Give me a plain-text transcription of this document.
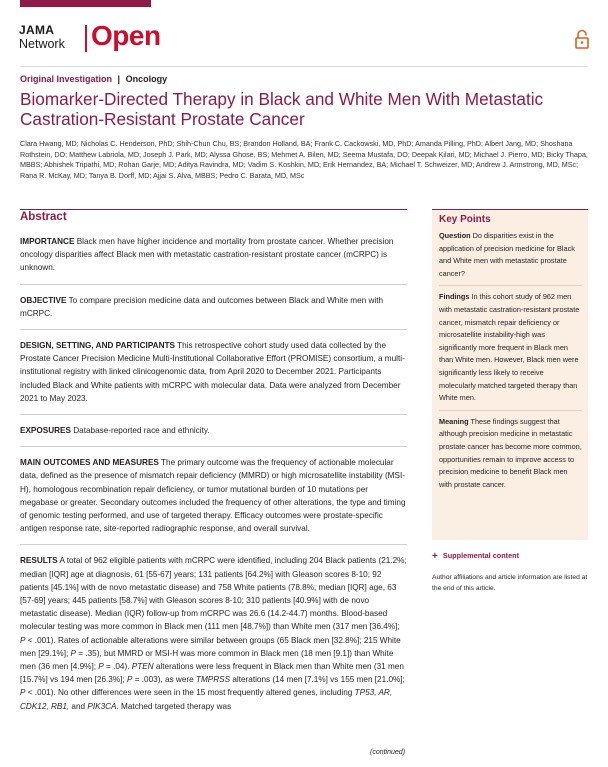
JAMA
Network Open
Original Investigation | Oncology
Biomarker-Directed Therapy in Black and White Men With Metastatic Castration-Resistant Prostate Cancer
Clara Hwang, MD; Nicholas C. Henderson, PhD; Shih-Chun Chu, BS; Brandon Holland, BA; Frank C. Cackowski, MD, PhD; Amanda Pilling, PhD; Albert Jang, MD; Shoshana Rothstein, DO; Matthew Labriola, MD; Joseph J. Park, MD; Alyssa Ghose, BS; Mehmet A. Bilen, MD; Seema Mustafa, DO; Deepak Kilari, MD; Michael J. Pierro, MD; Bicky Thapa, MBBS; Abhishek Tripathi, MD; Rohan Garje, MD; Aditya Ravindra, MD; Vadim S. Koshkin, MD; Erik Hernandez, BA; Michael T. Schweizer, MD; Andrew J. Armstrong, MD, MSc; Rana R. McKay, MD; Tanya B. Dorff, MD; Ajjai S. Alva, MBBS; Pedro C. Barata, MD, MSc
Abstract

IMPORTANCE Black men have higher incidence and mortality from prostate cancer. Whether precision oncology disparities affect Black men with metastatic castration-resistant prostate cancer (mCRPC) is unknown.

OBJECTIVE To compare precision medicine data and outcomes between Black and White men with mCRPC.

DESIGN, SETTING, AND PARTICIPANTS This retrospective cohort study used data collected by the Prostate Cancer Precision Medicine Multi-Institutional Collaborative Effort (PROMISE) consortium, a multi-institutional registry with linked clinicogenomic data, from April 2020 to December 2021. Participants included Black and White patients with mCRPC with molecular data. Data were analyzed from December 2021 to May 2023.

EXPOSURES Database-reported race and ethnicity.

MAIN OUTCOMES AND MEASURES The primary outcome was the frequency of actionable molecular data, defined as the presence of mismatch repair deficiency (MMRD) or high microsatellite instability (MSI-H), homologous recombination repair deficiency, or tumor mutational burden of 10 mutations per megabase or greater. Secondary outcomes included the frequency of other alterations, the type and timing of genomic testing performed, and use of targeted therapy. Efficacy outcomes were prostate-specific antigen response rate, site-reported radiographic response, and overall survival.

RESULTS A total of 962 eligible patients with mCRPC were identified, including 204 Black patients (21.2%; median [IQR] age at diagnosis, 61 [55-67] years; 131 patients [64.2%] with Gleason scores 8-10; 92 patients [45.1%] with de novo metastatic disease) and 758 White patients (78.8%; median [IQR] age, 63 [57-69] years; 445 patients [58.7%] with Gleason scores 8-10; 310 patients [40.9%] with de novo metastatic disease). Median (IQR) follow-up from mCRPC was 26.6 (14.2-44.7) months. Blood-based molecular testing was more common in Black men (111 men [48.7%]) than White men (317 men [36.4%]; P < .001). Rates of actionable alterations were similar between groups (65 Black men [32.8%]; 215 White men [29.1%]; P = .35), but MMRD or MSI-H was more common in Black men (18 men [9.1]) than White men (36 men [4.9%]; P = .04). PTEN alterations were less frequent in Black men than White men (31 men [15.7%] vs 194 men [26.3%]; P = .003), as were TMPRSS alterations (14 men [7.1%] vs 155 men [21.0%]; P < .001). No other differences were seen in the 15 most frequently altered genes, including TP53, AR, CDK12, RB1, and PIK3CA. Matched targeted therapy was

Key Points

Question Do disparities exist in the application of precision medicine for Black and White men with metastatic prostate cancer?

Findings In this cohort study of 962 men with metastatic castration-resistant prostate cancer, mismatch repair deficiency or microsatellite instability-high was significantly more frequent in Black men than White men. However, Black men were significantly less likely to receive molecularly matched targeted therapy than White men.

Meaning These findings suggest that although precision medicine in metastatic prostate cancer has become more common, opportunities remain to improve access to precision medicine to benefit Black men with prostate cancer.

+ Supplemental content
Author affiliations and article information are listed at the end of this article.
(continued)
